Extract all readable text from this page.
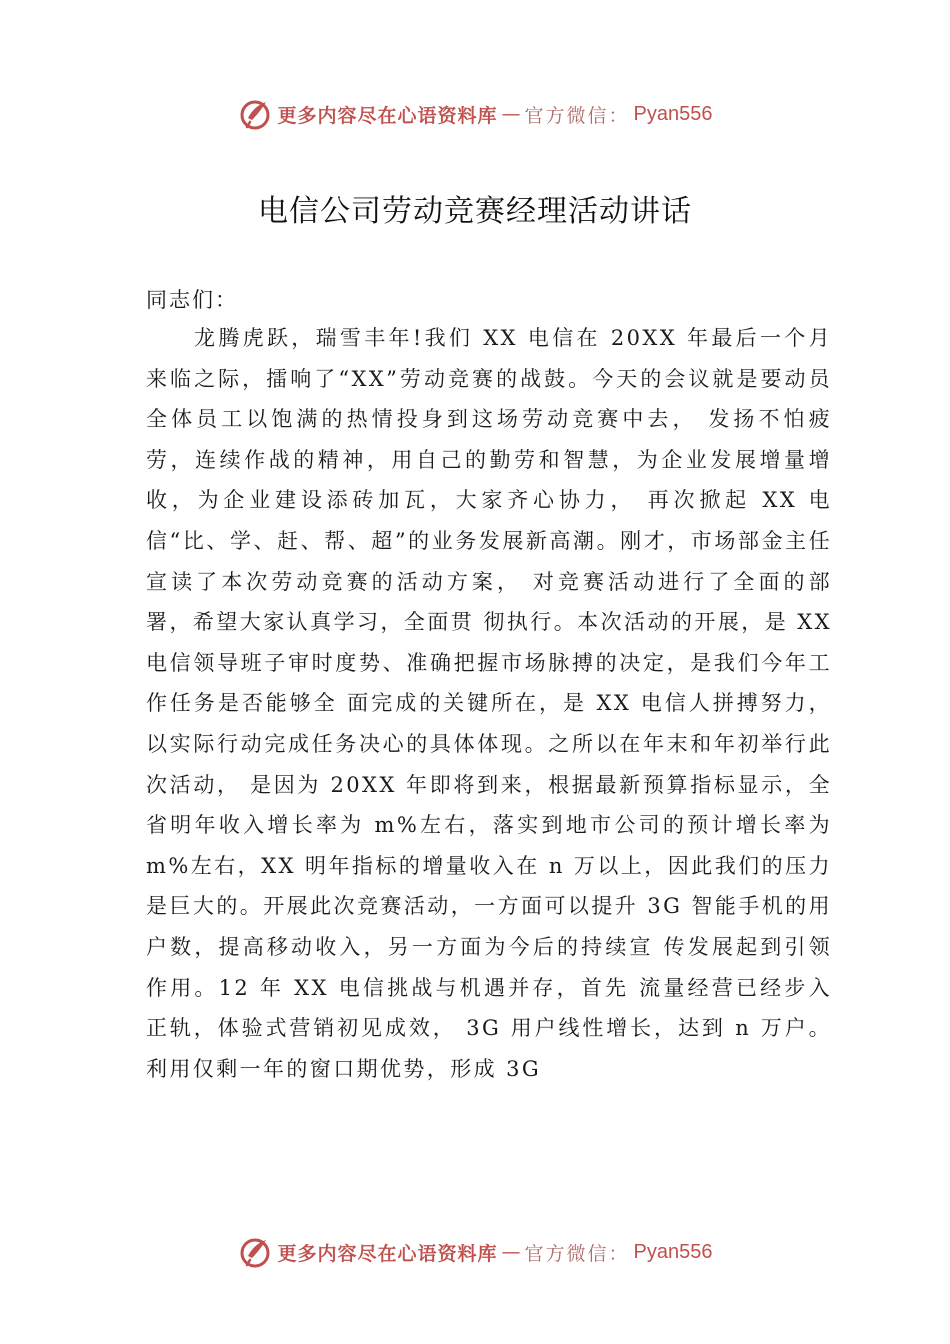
更多内容尽在心语资料库 — 官方微信： Pyan556
电信公司劳动竞赛经理活动讲话
同志们：

龙腾虎跃，瑞雪丰年!我们 XX 电信在 20XX 年最后一个月来临之际，擂响了“XX”劳动竞赛的战鼓。今天的会议就是要动员全体员工以饱满的热情投身到这场劳动竞赛中去， 发扬不怕疲劳，连续作战的精神，用自己的勤劳和智慧，为企业发展增量增收，为企业建设添砖加瓦，大家齐心协力， 再次掀起 XX 电信“比、学、赶、帮、超”的业务发展新高潮。刚才，市场部金主任宣读了本次劳动竞赛的活动方案， 对竞赛活动进行了全面的部署，希望大家认真学习，全面贯 彻执行。本次活动的开展，是 XX 电信领导班子审时度势、准确把握市场脉搏的决定，是我们今年工作任务是否能够全 面完成的关键所在，是 XX 电信人拼搏努力，以实际行动完成任务决心的具体体现。之所以在年末和年初举行此次活动， 是因为 20XX 年即将到来，根据最新预算指标显示，全省明年收入增长率为 m%左右，落实到地市公司的预计增长率为m%左右，XX 明年指标的增量收入在 n 万以上，因此我们的压力是巨大的。开展此次竞赛活动，一方面可以提升 3G 智能手机的用户数，提高移动收入，另一方面为今后的持续宣 传发展起到引领作用。12 年 XX 电信挑战与机遇并存，首先 流量经营已经步入正轨，体验式营销初见成效， 3G 用户线性增长，达到 n 万户。利用仅剩一年的窗口期优势，形成 3G

更多内容尽在心语资料库 — 官方微信： Pyan556
